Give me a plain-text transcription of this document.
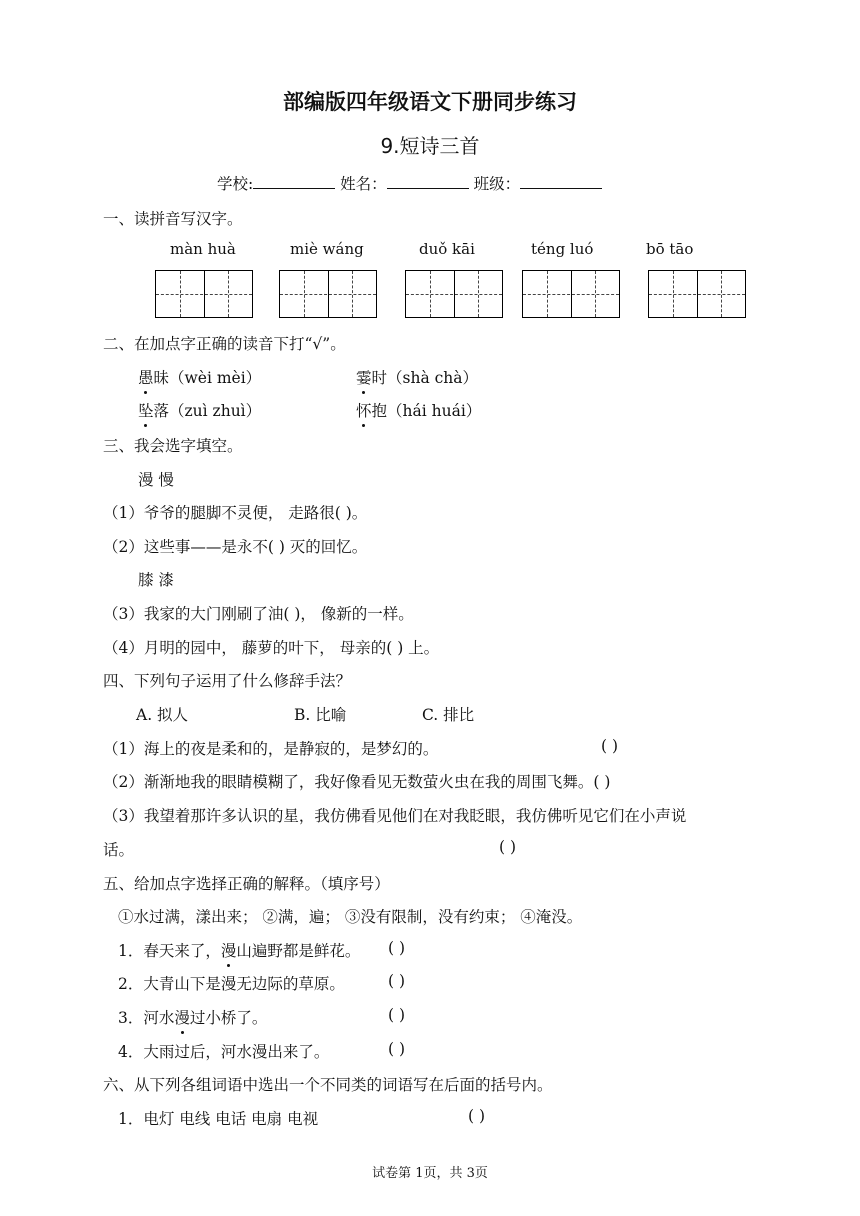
部编版四年级语文下册同步练习
9.短诗三首
学校:	姓名：	班级：
一、读拼音写汉字。
màn huà	miè wáng	duǒ kāi	téng luó	bō tāo
二、在加点字正确的读音下打“√”。
愚昧（wèi mèi）	霎时（shà chà）
坠落（zuì zhuì）	怀抱（hái huái）
三、我会选字填空。
漫 慢
（1）爷爷的腿脚不灵便， 走路很( )。
（2）这些事——是永不( ) 灭的回忆。
膝 漆
（3）我家的大门刚刷了油( )， 像新的一样。
（4）月明的园中， 藤萝的叶下， 母亲的( ) 上。
四、下列句子运用了什么修辞手法？
A. 拟人	B. 比喻	C. 排比
（1）海上的夜是柔和的，是静寂的，是梦幻的。	( )
（2）渐渐地我的眼睛模糊了，我好像看见无数萤火虫在我的周围飞舞。( )
（3）我望着那许多认识的星，我仿佛看见他们在对我眨眼，我仿佛听见它们在小声说
话。	( )
五、给加点字选择正确的解释。（填序号）
①水过满，漾出来； ②满，遍； ③没有限制，没有约束； ④淹没。
1．春天来了，漫山遍野都是鲜花。 ( )
2．大青山下是漫无边际的草原。	( )
3．河水漫过小桥了。	( )
4．大雨过后，河水漫出来了。	( )
六、从下列各组词语中选出一个不同类的词语写在后面的括号内。
1．电灯 电线 电话 电扇 电视	( )
试卷第 1页，共 3页
